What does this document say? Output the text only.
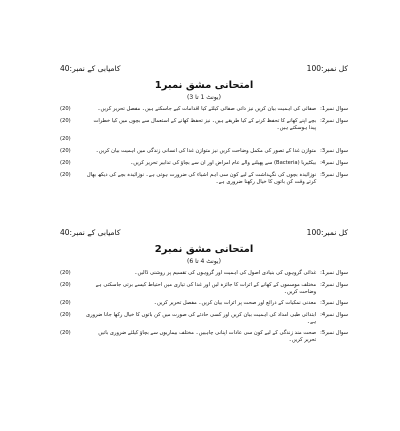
كامیابی کے نمبر:40	كل نمبر:100
امتحانی مشق نمبر1
(یونٹ 1 تا 3)
(20)	سوال نمبر1:
صفائی کی اہمیت بیان کریں نیز ذاتی صفائی کیلئے کیا اقدامات کیے جاسکتے ہیں۔ مفصل تحریر کریں۔
(20)	سوال نمبر2:
بچے اپنے کھانے کا تحفظ کرنے کے کیا طریقے ہیں۔ نیز تحفظ کھانے کے استعمال سے بچوں میں کیا خطرات پیدا ہوسکتے ہیں۔
(20)
(20)	سوال نمبر3:
متوازن غذا کے تصور کی مکمل وضاحت کریں نیز متوازن غذا کی انسانی زندگی میں اہمیت بیان کریں۔
(20)	سوال نمبر4:
بیکٹیریا (Bacteria) سے پھیلنے والے عام امراض اور ان سے بچاؤ کی تدابیر تحریر کریں۔
(20)	سوال نمبر5:
نوزائیدہ بچوں کی نگہداشت کے لیے کون سی اہم اشیاء کی ضرورت ہوتی ہے۔ نوزائیدہ بچے کی دیکھ بھال کرتے وقت کن باتوں کا خیال رکھنا ضروری ہے۔
كامیابی کے نمبر:40	كل نمبر:100
امتحانی مشق نمبر2
(یونٹ 4 تا 6)
(20)	سوال نمبر1:
غذائی گروہوں کی بنیادی اصول کی اہمیت اور گروہوں کی تقسیم پر روشنی ڈالیں۔
(20)	سوال نمبر2:
مختلف موسموں کے کھانے کے اثرات کا جائزہ لیں اور غذا کی تیاری میں احتیاط کیسے برتی جاسکتی ہے وضاحت کریں۔
(20)	سوال نمبر3:
معدنی نمکیات کے ذرائع اور صحت پر اثرات بیان کریں۔ مفصل تحریر کریں۔
(20)	سوال نمبر4:
ابتدائی طبی امداد کی اہمیت بیان کریں اور کسی حادثے کی صورت میں کن باتوں کا خیال رکھا جانا ضروری ہے۔
(20)	سوال نمبر5:
صحت مند زندگی کے لیے کون سی عادات اپنانی چاہییں۔ مختلف بیماریوں سے بچاؤ کیلئے ضروری باتیں تحریر کریں۔
